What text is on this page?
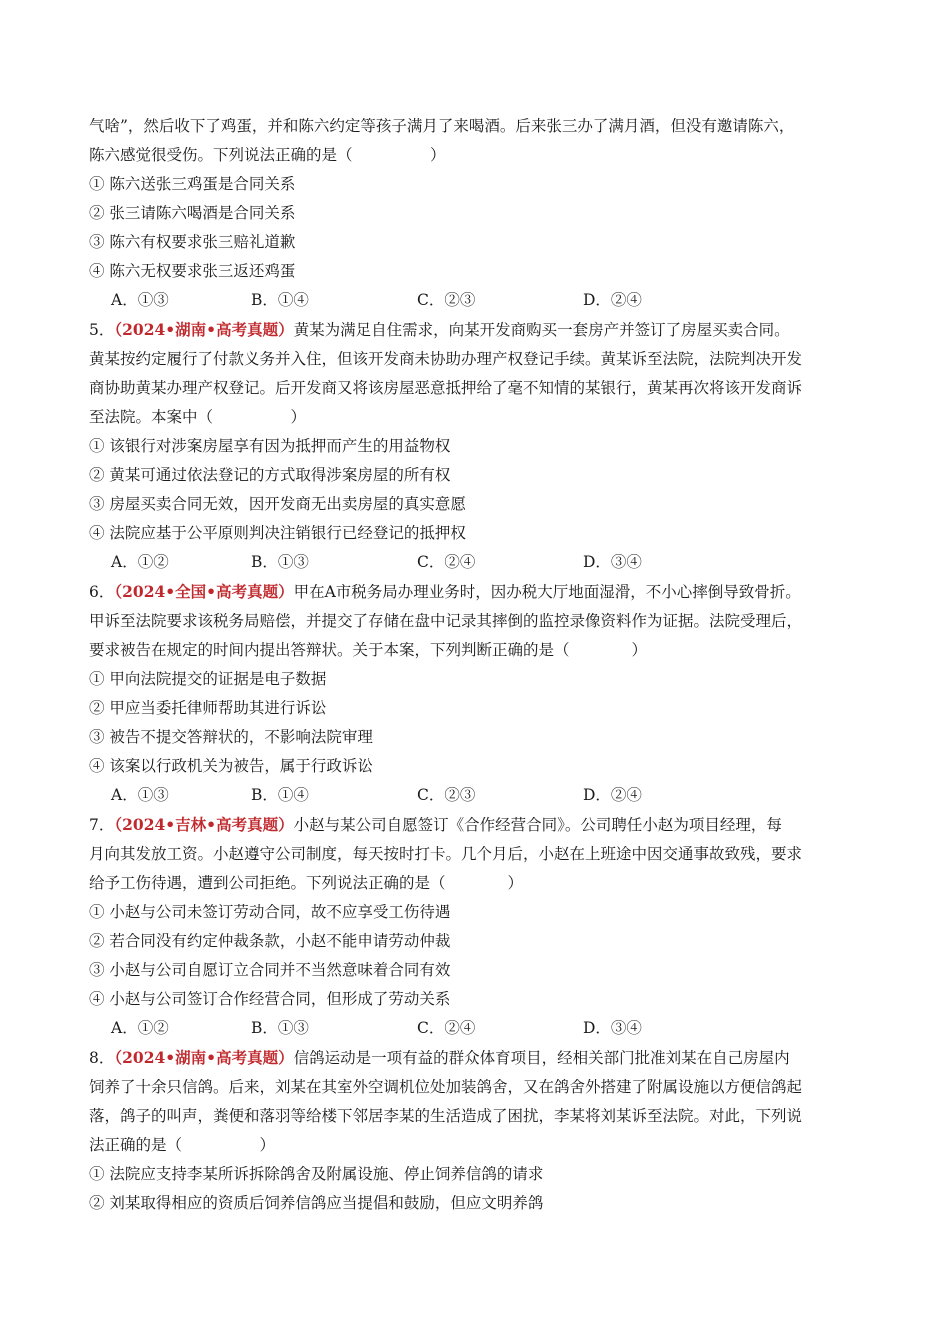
气啥”，然后收下了鸡蛋，并和陈六约定等孩子满月了来喝酒。后来张三办了满月酒，但没有邀请陈六，
陈六感觉很受伤。下列说法正确的是（　　　　　）
① 陈六送张三鸡蛋是合同关系
② 张三请陈六喝酒是合同关系
③ 陈六有权要求张三赔礼道歉
④ 陈六无权要求张三返还鸡蛋
A．①③	B．①④	C．②③	D．②④
5．（2024•湖南•高考真题）黄某为满足自住需求，向某开发商购买一套房产并签订了房屋买卖合同。
黄某按约定履行了付款义务并入住，但该开发商未协助办理产权登记手续。黄某诉至法院，法院判决开发
商协助黄某办理产权登记。后开发商又将该房屋恶意抵押给了毫不知情的某银行，黄某再次将该开发商诉
至法院。本案中（　　　　　）
① 该银行对涉案房屋享有因为抵押而产生的用益物权
② 黄某可通过依法登记的方式取得涉案房屋的所有权
③ 房屋买卖合同无效，因开发商无出卖房屋的真实意愿
④ 法院应基于公平原则判决注销银行已经登记的抵押权
A．①②	B．①③	C．②④	D．③④
6．（2024•全国•高考真题）甲在A市税务局办理业务时，因办税大厅地面湿滑，不小心摔倒导致骨折。
甲诉至法院要求该税务局赔偿，并提交了存储在盘中记录其摔倒的监控录像资料作为证据。法院受理后，
要求被告在规定的时间内提出答辩状。关于本案，下列判断正确的是（　　　　）
① 甲向法院提交的证据是电子数据
② 甲应当委托律师帮助其进行诉讼
③ 被告不提交答辩状的，不影响法院审理
④ 该案以行政机关为被告，属于行政诉讼
A．①③	B．①④	C．②③	D．②④
7．（2024•吉林•高考真题）小赵与某公司自愿签订《合作经营合同》。公司聘任小赵为项目经理，每
月向其发放工资。小赵遵守公司制度，每天按时打卡。几个月后，小赵在上班途中因交通事故致残，要求
给予工伤待遇，遭到公司拒绝。下列说法正确的是（　　　　）
① 小赵与公司未签订劳动合同，故不应享受工伤待遇
② 若合同没有约定仲裁条款，小赵不能申请劳动仲裁
③ 小赵与公司自愿订立合同并不当然意味着合同有效
④ 小赵与公司签订合作经营合同，但形成了劳动关系
A．①②	B．①③	C．②④	D．③④
8．（2024•湖南•高考真题）信鸽运动是一项有益的群众体育项目，经相关部门批准刘某在自己房屋内
饲养了十余只信鸽。后来，刘某在其室外空调机位处加装鸽舍，又在鸽舍外搭建了附属设施以方便信鸽起
落，鸽子的叫声，粪便和落羽等给楼下邻居李某的生活造成了困扰，李某将刘某诉至法院。对此，下列说
法正确的是（　　　　　）
① 法院应支持李某所诉拆除鸽舍及附属设施、停止饲养信鸽的请求
② 刘某取得相应的资质后饲养信鸽应当提倡和鼓励，但应文明养鸽
